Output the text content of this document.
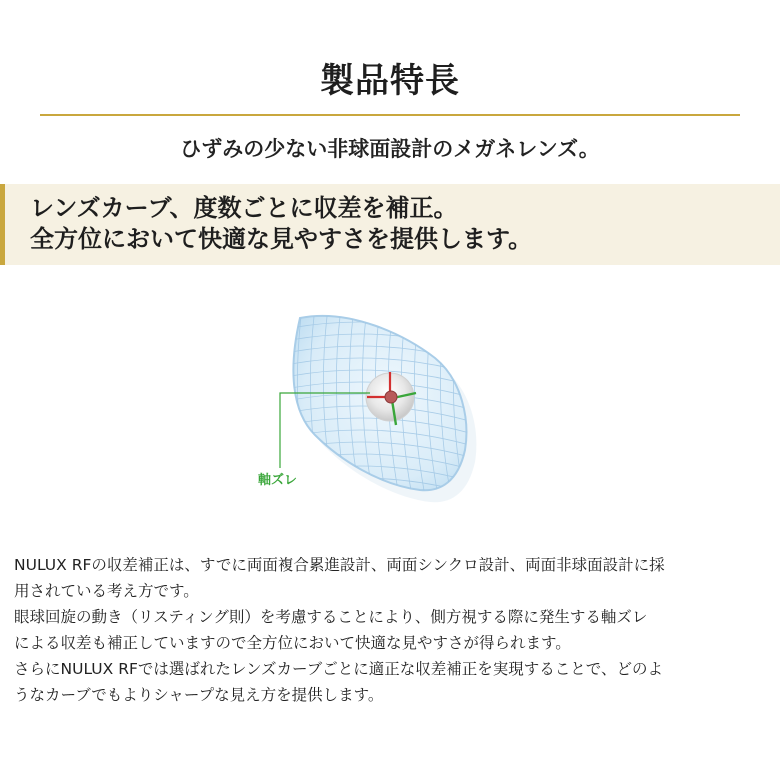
製品特長
ひずみの少ない非球面設計のメガネレンズ。
レンズカーブ、度数ごとに収差を補正。
全方位において快適な見やすさを提供します。
軸ズレ

NULUX RFの収差補正は、すでに両面複合累進設計、両面シンクロ設計、両面非球面設計に採

用されている考え方です。

眼球回旋の動き（リスティング則）を考慮することにより、側方視する際に発生する軸ズレ

による収差も補正していますので全方位において快適な見やすさが得られます。

さらにNULUX RFでは選ばれたレンズカーブごとに適正な収差補正を実現することで、どのよ

うなカーブでもよりシャープな見え方を提供します。
